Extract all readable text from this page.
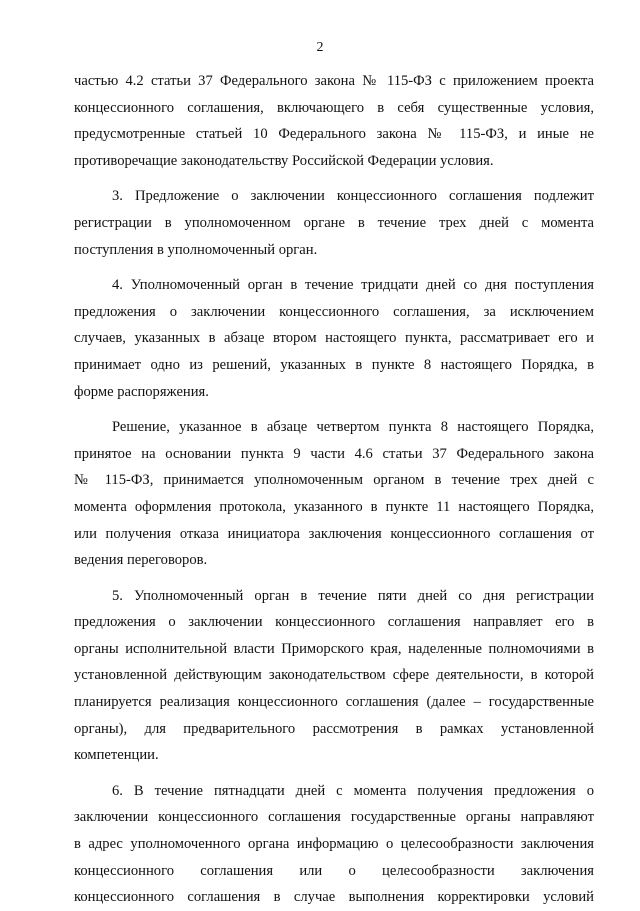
2
частью 4.2 статьи 37 Федерального закона № 115-ФЗ с приложением проекта
концессионного соглашения, включающего в себя существенные условия,
предусмотренные статьей 10 Федерального закона № 115-ФЗ, и иные не
противоречащие законодательству Российской Федерации условия.
3. Предложение о заключении концессионного соглашения подлежит
регистрации в уполномоченном органе в течение трех дней с момента
поступления в уполномоченный орган.
4. Уполномоченный орган в течение тридцати дней со дня поступления
предложения о заключении концессионного соглашения, за исключением
случаев, указанных в абзаце втором настоящего пункта, рассматривает его и
принимает одно из решений, указанных в пункте 8 настоящего Порядка, в
форме распоряжения.
Решение, указанное в абзаце четвертом пункта 8 настоящего Порядка,
принятое на основании пункта 9 части 4.6 статьи 37 Федерального закона
№ 115-ФЗ, принимается уполномоченным органом в течение трех дней с
момента оформления протокола, указанного в пункте 11 настоящего Порядка,
или получения отказа инициатора заключения концессионного соглашения от
ведения переговоров.
5. Уполномоченный орган в течение пяти дней со дня регистрации
предложения о заключении концессионного соглашения направляет его в
органы исполнительной власти Приморского края, наделенные полномочиями в
установленной действующим законодательством сфере деятельности, в которой
планируется реализация концессионного соглашения (далее – государственные
органы), для предварительного рассмотрения в рамках установленной
компетенции.
6. В течение пятнадцати дней с момента получения предложения о
заключении концессионного соглашения государственные органы направляют
в адрес уполномоченного органа информацию о целесообразности заключения
концессионного соглашения или о целесообразности заключения
концессионного соглашения в случае выполнения корректировки условий
